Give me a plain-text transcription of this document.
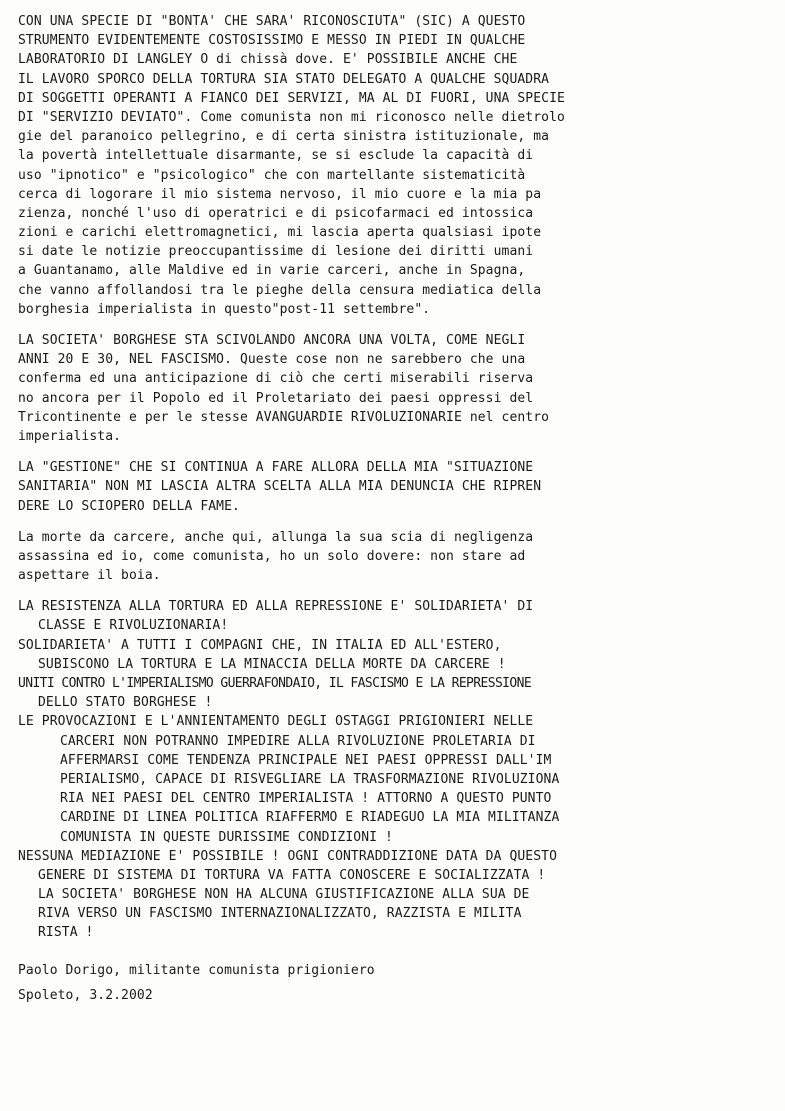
CON UNA SPECIE DI "BONTA' CHE SARA' RICONOSCIUTA" (SIC) A QUESTO
STRUMENTO EVIDENTEMENTE COSTOSISSIMO E MESSO IN PIEDI IN QUALCHE
LABORATORIO DI LANGLEY O di chissà dove. E' POSSIBILE ANCHE CHE
IL LAVORO SPORCO DELLA TORTURA SIA STATO DELEGATO A QUALCHE SQUADRA
DI SOGGETTI OPERANTI A FIANCO DEI SERVIZI, MA AL DI FUORI, UNA SPECIE
DI "SERVIZIO DEVIATO". Come comunista non mi riconosco nelle dietrolo
gie del paranoico pellegrino, e di certa sinistra istituzionale, ma
la povertà intellettuale disarmante, se si esclude la capacità di
uso "ipnotico" e "psicologico" che con martellante sistematicità
cerca di logorare il mio sistema nervoso, il mio cuore e la mia pa
zienza, nonché l'uso di operatrici e di psicofarmaci ed intossica
zioni e carichi elettromagnetici, mi lascia aperta qualsiasi ipote
si date le notizie preoccupantissime di lesione dei diritti umani
a Guantanamo, alle Maldive ed in varie carceri, anche in Spagna,
che vanno affollandosi tra le pieghe della censura mediatica della
borghesia imperialista in questo"post-11 settembre".
LA SOCIETA' BORGHESE STA SCIVOLANDO ANCORA UNA VOLTA, COME NEGLI
ANNI 20 E 30, NEL FASCISMO. Queste cose non ne sarebbero che una
conferma ed una anticipazione di ciò che certi miserabili riserva
no ancora per il Popolo ed il Proletariato dei paesi oppressi del
Tricontinente e per le stesse AVANGUARDIE RIVOLUZIONARIE nel centro
imperialista.
LA "GESTIONE" CHE SI CONTINUA A FARE ALLORA DELLA MIA "SITUAZIONE
SANITARIA" NON MI LASCIA ALTRA SCELTA ALLA MIA DENUNCIA CHE RIPREN
DERE LO SCIOPERO DELLA FAME.
La morte da carcere, anche qui, allunga la sua scia di negligenza
assassina ed io, come comunista, ho un solo dovere: non stare ad
aspettare il boia.
LA RESISTENZA ALLA TORTURA ED ALLA REPRESSIONE E' SOLIDARIETA' DI
CLASSE E RIVOLUZIONARIA!
SOLIDARIETA' A TUTTI I COMPAGNI CHE, IN ITALIA ED ALL'ESTERO,
SUBISCONO LA TORTURA E LA MINACCIA DELLA MORTE DA CARCERE !
UNITI CONTRO L'IMPERIALISMO GUERRAFONDAIO, IL FASCISMO E LA REPRESSIONE
DELLO STATO BORGHESE !
LE PROVOCAZIONI E L'ANNIENTAMENTO DEGLI OSTAGGI PRIGIONIERI NELLE
CARCERI NON POTRANNO IMPEDIRE ALLA RIVOLUZIONE PROLETARIA DI
AFFERMARSI COME TENDENZA PRINCIPALE NEI PAESI OPPRESSI DALL'IM
PERIALISMO, CAPACE DI RISVEGLIARE LA TRASFORMAZIONE RIVOLUZIONA
RIA NEI PAESI DEL CENTRO IMPERIALISTA ! ATTORNO A QUESTO PUNTO
CARDINE DI LINEA POLITICA RIAFFERMO E RIADEGUO LA MIA MILITANZA
COMUNISTA IN QUESTE DURISSIME CONDIZIONI !
NESSUNA MEDIAZIONE E' POSSIBILE ! OGNI CONTRADDIZIONE DATA DA QUESTO
GENERE DI SISTEMA DI TORTURA VA FATTA CONOSCERE E SOCIALIZZATA !
LA SOCIETA' BORGHESE NON HA ALCUNA GIUSTIFICAZIONE ALLA SUA DE
RIVA VERSO UN FASCISMO INTERNAZIONALIZZATO, RAZZISTA E MILITA
RISTA !
Paolo Dorigo, militante comunista prigioniero
Spoleto, 3.2.2002
